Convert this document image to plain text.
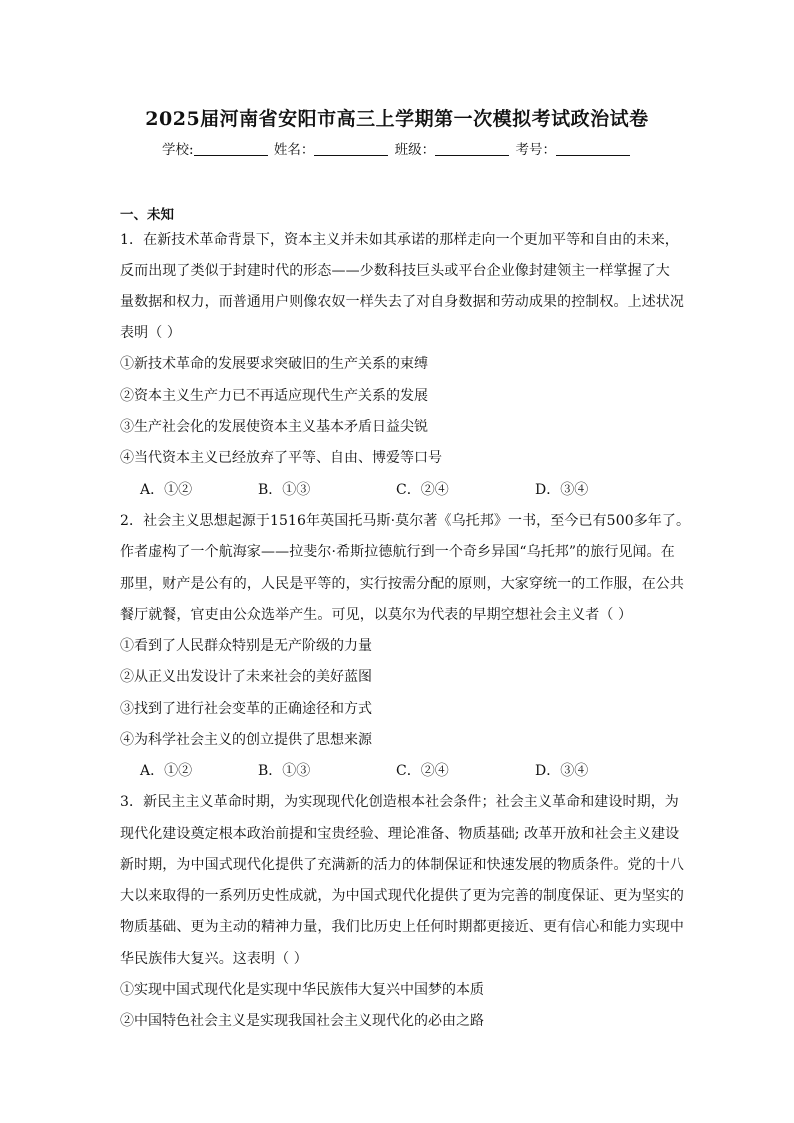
2025届河南省安阳市高三上学期第一次模拟考试政治试卷
学校:	姓名：	班级：	考号：
一、未知
1．在新技术革命背景下，资本主义并未如其承诺的那样走向一个更加平等和自由的未来，
反而出现了类似于封建时代的形态——少数科技巨头或平台企业像封建领主一样掌握了大
量数据和权力，而普通用户则像农奴一样失去了对自身数据和劳动成果的控制权。上述状况
表明（ ）
①新技术革命的发展要求突破旧的生产关系的束缚
②资本主义生产力已不再适应现代生产关系的发展
③生产社会化的发展使资本主义基本矛盾日益尖锐
④当代资本主义已经放弃了平等、自由、博爱等口号
A．①②	B．①③	C．②④	D．③④
2．社会主义思想起源于1516年英国托马斯·莫尔著《乌托邦》一书，至今已有500多年了。
作者虚构了一个航海家——拉斐尔·希斯拉德航行到一个奇乡异国“乌托邦”的旅行见闻。在
那里，财产是公有的，人民是平等的，实行按需分配的原则，大家穿统一的工作服，在公共
餐厅就餐，官吏由公众选举产生。可见，以莫尔为代表的早期空想社会主义者（ ）
①看到了人民群众特别是无产阶级的力量
②从正义出发设计了未来社会的美好蓝图
③找到了进行社会变革的正确途径和方式
④为科学社会主义的创立提供了思想来源
A．①②	B．①③	C．②④	D．③④
3．新民主主义革命时期，为实现现代化创造根本社会条件；社会主义革命和建设时期，为
现代化建设奠定根本政治前提和宝贵经验、理论准备、物质基础; 改革开放和社会主义建设
新时期，为中国式现代化提供了充满新的活力的体制保证和快速发展的物质条件。党的十八
大以来取得的一系列历史性成就，为中国式现代化提供了更为完善的制度保证、更为坚实的
物质基础、更为主动的精神力量，我们比历史上任何时期都更接近、更有信心和能力实现中
华民族伟大复兴。这表明（ ）
①实现中国式现代化是实现中华民族伟大复兴中国梦的本质
②中国特色社会主义是实现我国社会主义现代化的必由之路
